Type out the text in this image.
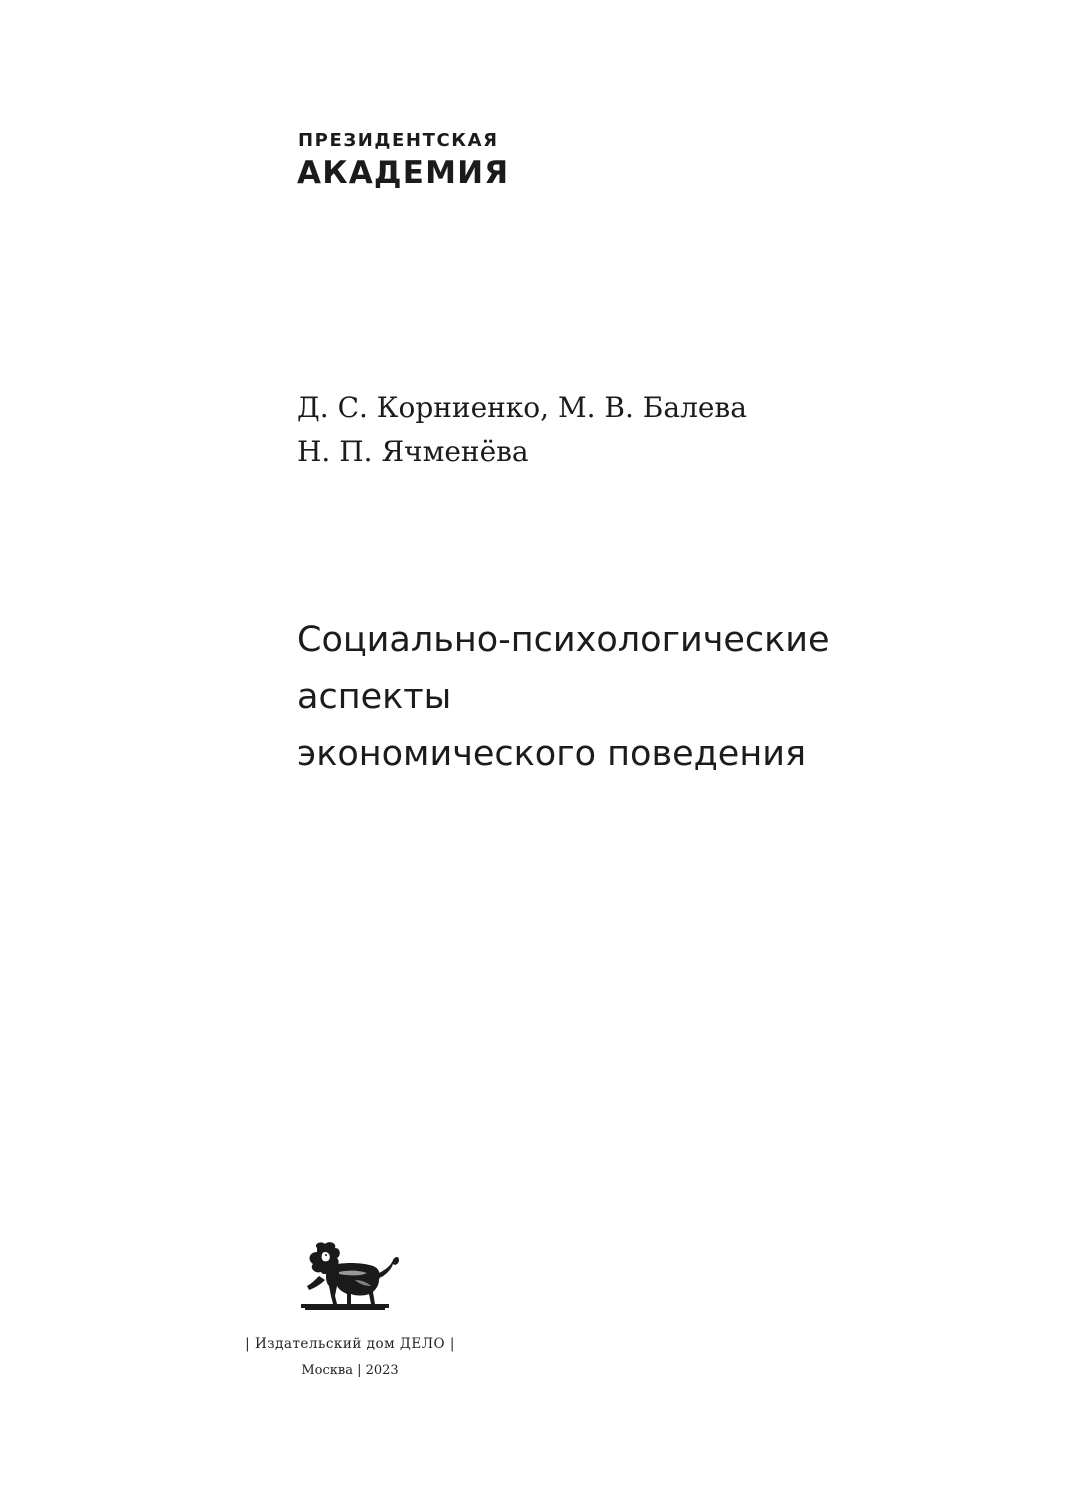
ПРЕЗИДЕНТСКАЯ
АКАДЕМИЯ
Д. С. Корниенко, М. В. Балева
Н. П. Ячменёва
Социально-психологические
аспекты
экономического поведения
| Издательский дом ДЕЛО |
Москва | 2023
